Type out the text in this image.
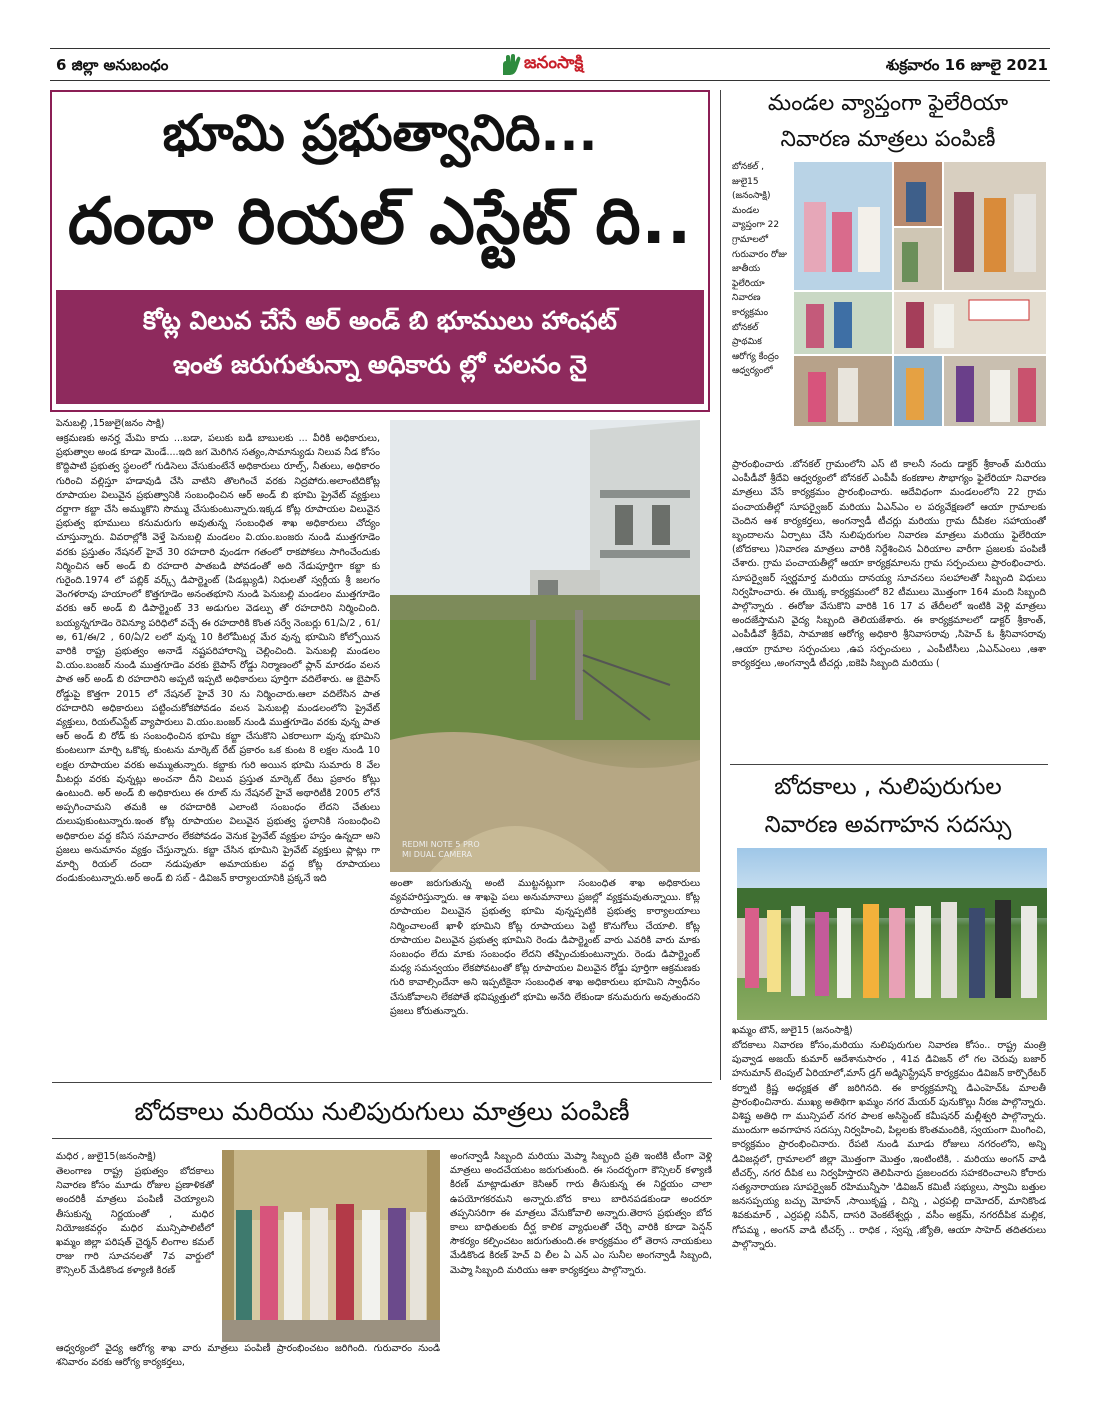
6 జిల్లా అనుబంధం	జనంసాక్షి	శుక్రవారం 16 జూలై 2021
భూమి ప్రభుత్వానిది...
దందా రియల్ ఎస్టేట్ ది..
కోట్ల విలువ చేసే అర్ అండ్ బి భూములు హాంఫట్
ఇంత జరుగుతున్నా అధికారు ల్లో చలనం నై
పెనుబల్లి ,15జులై(జనం సాక్షి)

ఆక్రమణకు అనర్హ మేమి కాదు ...బడా, పలుకు బడి బాబులకు ... వీరికి అధికారులు, ప్రభుత్వాల అండ కూడా మెండే....ఇది జగ మెరిగిన సత్యం,సామాన్యుడు నిలువ నీడ కోసం కొద్దిపాటి ప్రభుత్వ స్థలంలో గుడిసెలు వేసుకుంటేనే అధికారులు రూల్స్, నీతులు, అధికారం గురించి వల్లిస్తూ హడావుడి చేసి వాటిని తొలగించే వరకు నిద్రపోరు.అలాంటిదికోట్ల రూపాయల విలువైన ప్రభుత్వానికి సంబంధించిన ఆర్ అండ్ బి భూమి ప్రైవేట్ వ్యక్తులు దర్జాగా కబ్జా చేసి అమ్ముకొని సొమ్ము చేసుకుంటున్నారు.ఇక్కడ కోట్ల రూపాయల విలువైన ప్రభుత్వ భూములు కనుమరుగు అవుతున్న సంబంధిత శాఖ అధికారులు చోద్యం చూస్తున్నారు. వివరాల్లోకి వెళ్తే పెనుబల్లి మండలం వి.యం.బంజరు నుండి ముత్తగూడెం వరకు ప్రస్తుతం నేషనల్ హైవే 30 రహదారి వుండగా గతంలో రాకపోకలు సాగించేందుకు నిర్మించిన ఆర్ అండ్ బి రహదారి పాతబడి పోవడంతో అది నేడుపూర్తిగా కబ్జా కు గురైంది.1974 లో పబ్లిక్ వర్క్స్ డిపార్ట్మెంట్ (పిడబ్ల్యుడి) నిధులతో స్వర్గీయ శ్రీ జలగం వెంగళరావు హయాంలో కొత్తగూడెం అనంతభూని నుండి పెనుబల్లి మండలం ముత్తగూడెం వరకు ఆర్ అండ్ బి డిపార్ట్మెంట్ 33 అడుగుల వెడల్పు తో రహదారిని నిర్మించింది. బయ్యన్నగూడెం రెవిన్యూ పరిధిలో వచ్చే ఈ రహదారికి కొంత సర్వే నెంబర్లు 61/ఏ/2 , 61/అ, 61/ఈ/2 , 60/ఏ/2 లలో వున్న 10 కిలోమీటర్ల మేర వున్న భూమిని కోల్పోయిన వారికి రాష్ట్ర ప్రభుత్వం అనాడే నష్టపరిహారాన్ని చెల్లించింది. పెనుబల్లి మండలం వి.యం.బంజర్ నుండి ముత్తగూడెం వరకు బైపాస్ రోడ్డు నిర్మాణంలో ప్లాన్ మారడం వలన పాత ఆర్ అండ్ బి రహదారిని అప్పటి ఇప్పటి అధికారులు పూర్తిగా వదిలేశారు. ఆ బైపాస్ రోడ్డుపై కొత్తగా 2015 లో నేషనల్ హైవే 30 ను నిర్మించారు.ఆలా వదిలేసిన పాత రహదారిని అధికారులు పట్టించుకోకపోవడం వలన పెనుబల్లి మండలంలోని ప్రైవేట్ వ్యక్తులు, రియల్ఎస్టేట్ వ్యాపారులు వి.యం.బంజర్ నుండి ముత్తగూడెం వరకు వున్న పాత ఆర్ అండ్ బి రోడ్ కు సంబంధించిన భూమి కబ్జా చేసుకొని ఎకరాలుగా వున్న భూమిని కుంటలుగా మార్చి ఒకొక్క కుంటను మార్కెట్ రేట్ ప్రకారం ఒక కుంట 8 లక్షల నుండి 10 లక్షల రూపాయల వరకు అమ్ముతున్నారు. కబ్జాకు గురి అయిన భూమి సుమారు 8 వేల మీటర్లు వరకు వున్నట్లు అంచనా దీని విలువ ప్రస్తుత మార్కెట్ రేటు ప్రకారం కోట్లు ఉంటుంది. అర్ అండ్ బి అధికారులు ఈ రూట్ ను నేషనల్ హైవే అథారిటీకి 2005 లోనే అప్పగించామని తమకి ఆ రహదారికి ఎలాంటి సంబంధం లేదని చేతులు దులుపుకుంటున్నారు.ఇంత కోట్ల రూపాయల విలువైన ప్రభుత్వ స్థలానికి సంబంధించి అధికారుల వద్ద కనీస సమాచారం లేకపోవడం వెనుక ప్రైవేట్ వ్యక్తుల హస్తం ఉన్నదా అని ప్రజలు అనుమానం వ్యక్తం చేస్తున్నారు. కబ్జా చేసిన భూమిని ప్రైవేట్ వ్యక్తులు ప్లాట్లు గా మార్చి రియల్ దందా నడుపుతూ అమాయకుల వద్ద కోట్ల రూపాయలు దండుకుంటున్నారు.అర్ అండ్ బి సబ్ - డివిజన్ కార్యాలయానికి ప్రక్కనే ఇది

REDMI NOTE 5 PRO
MI DUAL CAMERA

అంతా జరుగుతున్న అంటి ముట్టనట్లుగా సంబంధిత శాఖ అధికారులు వ్యవహరిస్తున్నారు. ఆ శాఖపై పలు అనుమానాలు ప్రజల్లో వ్యక్తమవుతున్నాయి. కోట్ల రూపాయల విలువైన ప్రభుత్వ భూమి వున్నప్పటికి ప్రభుత్వ కార్యాలయాలు నిర్మించాలంటే ఖాళీ భూమిని కోట్ల రూపాయలు పెట్టి కొనుగోలు చేయాలి. కోట్ల రూపాయల విలువైన ప్రభుత్వ భూమిని రెండు డిపార్ట్మెంట్ వారు ఎవరికి వారు మాకు సంబంధం లేదు మాకు సంబంధం లేదని తప్పించుకుంటున్నారు. రెండు డిపార్ట్మెంట్ మధ్య సమన్వయం లేకపోవటంతో కోట్ల రూపాయల విలువైన రోడ్డు పూర్తిగా ఆక్రమణకు గురి కావాల్సిందేనా అని ఇప్పటికైనా సంబంధిత శాఖ అధికారులు భూమిని స్వాధీనం చేసుకోవాలని లేకపోతే భవిష్యత్తులో భూమి అనేది లేకుండా కనుమరుగు అవుతుందని ప్రజలు కోరుతున్నారు.

మండల వ్యాప్తంగా ఫైలేరియా
నివారణ మాత్రలు పంపిణీ

బోనకల్ , జులై15 (జనంసాక్షి) మండల వ్యాప్తంగా 22 గ్రామాలలో గురువారం రోజు జాతీయ ఫైలేరియా నివారణ కార్యక్రమం బోనకల్ ప్రాథమిక ఆరోగ్య కేంద్రం ఆధ్వర్యంలో

ప్రారంభించారు .బోనకల్ గ్రామంలోని ఎస్ టి కాలనీ నందు డాక్టర్ శ్రీకాంత్ మరియు ఎంపీడీవో శ్రీదేవి ఆధ్వర్యంలో బోనకల్ ఎంపీపీ కంకణాల సౌభాగ్యం ఫైలేరియా నివారణ మాత్రలు వేసే కార్యక్రమం ప్రారంభించారు. ఆదేవిధంగా మండలంలోని 22 గ్రామ పంచాయతీల్లో సూపర్వైజర్ మరియు ఏఎన్ఎం ల పర్యవేక్షణలో ఆయా గ్రామాలకు చెందిన ఆశ కార్యకర్తలు, అంగన్వాడీ టీచర్లు మరియు గ్రామ దీపికల సహాయంతో బృందాలను ఏర్పాటు చేసి నులిపురుగుల నివారణ మాత్రలు మరియు ఫైలేరియా (బోదకాలు )నివారణ మాత్రలు వారికి నిర్దేశించిన ఏరియాల వారీగా ప్రజలకు పంపిణీ చేశారు. గ్రామ పంచాయతీల్లో ఆయా కార్యక్రమాలను గ్రామ సర్పంచులు ప్రారంభించారు. సూపర్వైజర్ స్వర్ణమార్త మరియు దానయ్య సూచనలు సలహాలతో సిబ్బంది విధులు నిర్వహించారు. ఈ యొక్క కార్యక్రమంలో 82 టీములు మొత్తంగా 164 మంది సిబ్బంది పాల్గొన్నారు . ఈరోజు వేసుకొని వారికి 16 17 వ తేదీలలో ఇంటికి వెళ్లి మాత్రలు అందజేస్తామని వైద్య సిబ్బంది తెలియజేశారు. ఈ కార్యక్రమాలలో డాక్టర్ శ్రీకాంత్, ఎంపీడీవో శ్రీదేవి, సామాజిక ఆరోగ్య అధికారి శ్రీనివాసరావు ,సిహెచ్ ఓ శ్రీనివాసరావు ,ఆయా గ్రామాల సర్పంచులు ,ఉప సర్పంచులు , ఎంపీటీసీలు ,ఏఎన్ఎంలు ,ఆశా కార్యకర్తలు ,అంగన్వాడీ టీచర్లు ,ఐకెపి సిబ్బంది మరియు (

బోదకాలు , నులిపురుగుల
నివారణ అవగాహన సదస్సు
ఖమ్మం టౌన్, జులై15 (జనంసాక్షి)

బోదకాలు నివారణ కోసం,మరియు నులిపురుగుల నివారణ కోసం.. రాష్ట్ర మంత్రి పువ్వాడ అజయ్ కుమార్ ఆదేశానుసారం , 41వ డివిజన్ లో గల చెరువు బజార్ హనుమాన్ టెంపుల్ ఏరియాలో,మాస్ డ్రగ్ అడ్మినిస్ట్రేషన్ కార్యక్రమం డివిజన్ కార్పొరేటర్ కర్నాటి క్రిష్ణ అధ్యక్షత తో జరిగినది. ఈ కార్యక్రమాన్ని డిఎంహెచ్ఓ మాలతీ ప్రారంభించినారు. ముఖ్య అతిథిగా ఖమ్మం నగర మేయర్ పునుకొల్లు నీరజ పాల్గొన్నారు. విశిష్ట అతిధి గా మున్సిపల్ నగర పాలక అసిస్టెంట్ కమీషనర్ మల్లీశ్వరి పాల్గొన్నారు. ముందుగా అవగాహన సదస్సు నిర్వహించి, పిల్లలకు కొంతమందికి, స్వయంగా మింగించి, కార్యక్రమం ప్రారంభించినారు. రేపటి నుండి మూడు రోజులు నగరంలోని, అన్ని డివిజన్లలో, గ్రామాలలో జిల్లా మొత్తంగా మొత్తం ,ఇంటింటికి, . మరియు అంగన్ వాడి టీచర్స్, నగర దీపిక లు నిర్వహిస్తారని తెలిపినారు ప్రజలందరు సహకరించాలని కోరారు సత్యనారాయణ సూపర్వైజర్ రహిమున్నీసా 'డివిజన్ కమిటీ సభ్యులు, స్వామి బత్తుల జనసప్పయ్య బచ్చు మోహన్ ,సాయికృష్ణ , చిన్ని , ఎర్రపల్లి దామోదర్, మానికొండ శివకుమార్ , ఎర్రపల్లి సవీన్, దాసరి వెంకటేశ్వర్లు , వసీం అక్రమ్, నగరదీపిక మల్లిక, గోపమ్మ , అంగన్ వాడి టీచర్స్ .. రాధిక , స్వప్న ,జ్యోతి, ఆయా సాహెద్ తదితరులు పాల్గొన్నారు.

బోదకాలు మరియు నులిపురుగులు మాత్రలు పంపిణీ
మధిర , జులై15(జనంసాక్షి)

తెలంగాణ రాష్ట్ర ప్రభుత్వం బోదకాలు నివారణ కోసం మూడు రోజుల ప్రణాళికతో అందరికీ మాత్రలు పంపిణీ చెయ్యాలని తీసుకున్న నిర్ణయంతో , మధిర నియోజకవర్గం మధిర మున్సిపాలిటీలో ఖమ్మం జిల్లా పరిషత్ చైర్మన్ లింగాల కమల్ రాజు గారి సూచనలతో 7వ వార్డులో కౌన్సిలర్ మేడికొండ కళ్యాణి కిరణ్

ఆధ్వర్యంలో వైద్య ఆరోగ్య శాఖ వారు మాత్రలు పంపిణీ ప్రారంభించటం జరిగింది. గురువారం నుండి శనివారం వరకు ఆరోగ్య కార్యకర్తలు,

అంగన్వాడీ సిబ్బంది మరియు మెప్మా సిబ్బంది ప్రతి ఇంటికి టీంగా వెళ్లి మాత్రలు అందచేయటం జరుగుతుంది. ఈ సందర్భంగా కౌన్సిలర్ కళ్యాణి కిరణ్ మాట్లాడుతూ కెసిఆర్ గారు తీసుకున్న ఈ నిర్ణయం చాలా ఉపయోగకరమని అన్నారు.బోద కాలు బారినపడకుండా అందరూ తప్పనిసరిగా ఈ మాత్రలు వేసుకోవాలి అన్నారు.తెరాస ప్రభుత్వం బోద కాలు బాధితులకు దీర్ఘ కాలిక వ్యాధులతో చేర్చి వారికి కూడా పెన్షన్ సౌకర్యం కల్పించటం జరుగుతుంది.ఈ కార్యక్రమం లో తెరాస నాయకులు మేడికొండ కిరణ్ హెచ్ వి లీల ఏ ఎన్ ఎం సునీల అంగన్వాడీ సిబ్బంది, మెప్మా సిబ్బంది మరియు ఆశా కార్యకర్తలు పాల్గొన్నారు.
